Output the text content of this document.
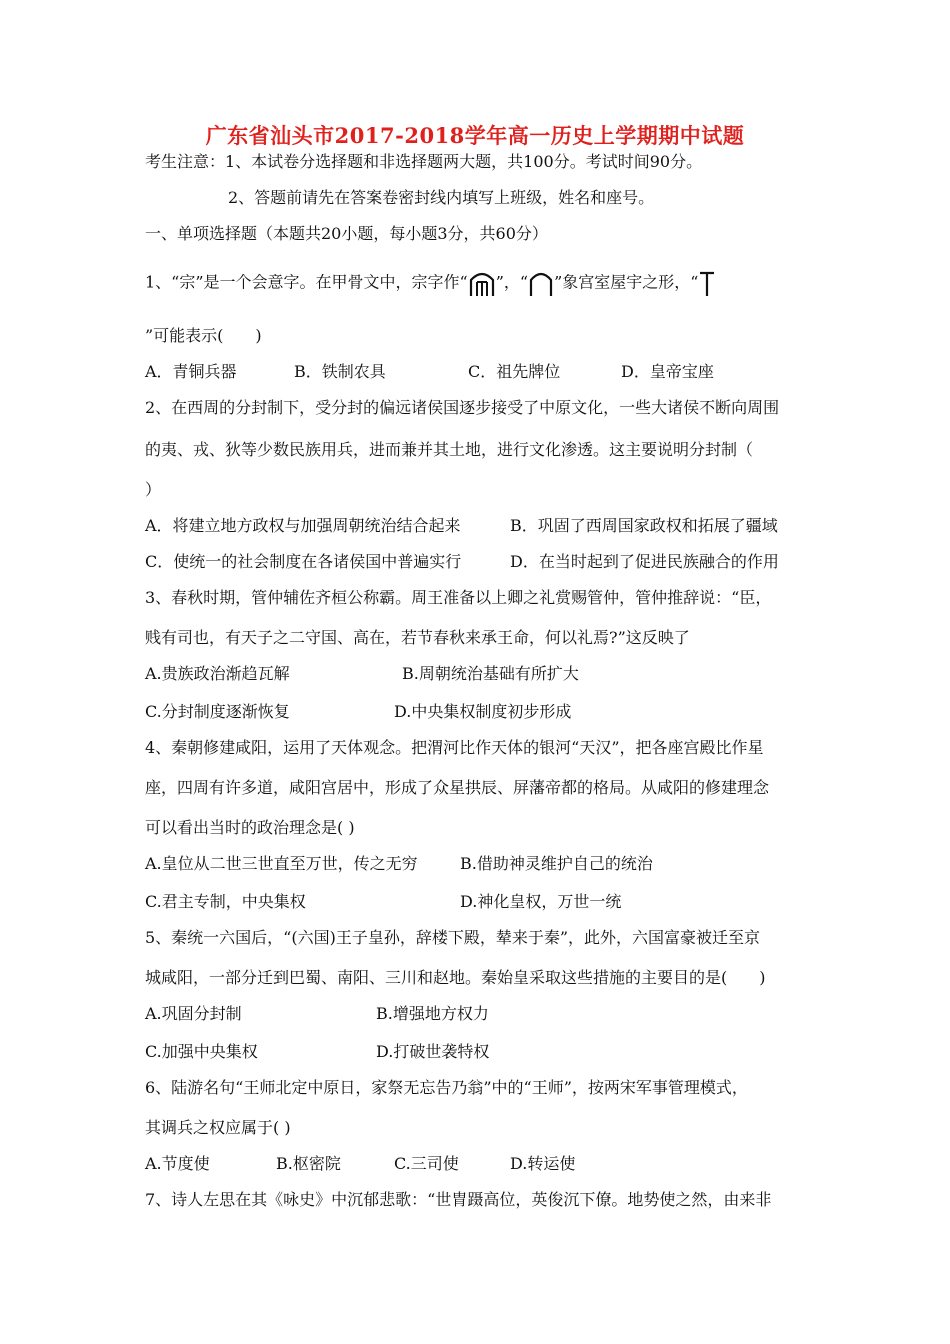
广东省汕头市2017-2018学年高一历史上学期期中试题
考生注意：1、本试卷分选择题和非选择题两大题，共100分。考试时间90分。
2、答题前请先在答案卷密封线内填写上班级，姓名和座号。
一、单项选择题（本题共20小题，每小题3分，共60分）
1、“宗”是一个会意字。在甲骨文中，宗字作“ ”，“ ”象宫室屋宇之形，“
”可能表示(　　)
A．青铜兵器	B．铁制农具	C．祖先牌位	D．皇帝宝座
2、在西周的分封制下，受分封的偏远诸侯国逐步接受了中原文化，一些大诸侯不断向周围
的夷、戎、狄等少数民族用兵，进而兼并其土地，进行文化渗透。这主要说明分封制（
）
A．将建立地方政权与加强周朝统治结合起来	B．巩固了西周国家政权和拓展了疆域
C．使统一的社会制度在各诸侯国中普遍实行	D．在当时起到了促进民族融合的作用
3、春秋时期，管仲辅佐齐桓公称霸。周王准备以上卿之礼赏赐管仲，管仲推辞说：“臣，
贱有司也，有天子之二守国、高在，若节春秋来承王命，何以礼焉?”这反映了
A.贵族政治渐趋瓦解	B.周朝统治基础有所扩大
C.分封制度逐渐恢复	D.中央集权制度初步形成
4、秦朝修建咸阳，运用了天体观念。把渭河比作天体的银河“天汉”，把各座宫殿比作星
座，四周有许多道，咸阳宫居中，形成了众星拱辰、屏藩帝都的格局。从咸阳的修建理念
可以看出当时的政治理念是( )
A.皇位从二世三世直至万世，传之无穷	B.借助神灵维护自己的统治
C.君主专制，中央集权	D.神化皇权，万世一统
5、秦统一六国后，“(六国)王子皇孙，辞楼下殿，辇来于秦”，此外，六国富豪被迁至京
城咸阳，一部分迁到巴蜀、南阳、三川和赵地。秦始皇采取这些措施的主要目的是(　　)
A.巩固分封制	B.增强地方权力
C.加强中央集权	D.打破世袭特权
6、陆游名句“王师北定中原日，家祭无忘告乃翁”中的“王师”，按两宋军事管理模式，
其调兵之权应属于( )
A.节度使	B.枢密院	C.三司使	D.转运使
7、诗人左思在其《咏史》中沉郁悲歌：“世胄蹑高位，英俊沉下僚。地势使之然，由来非
